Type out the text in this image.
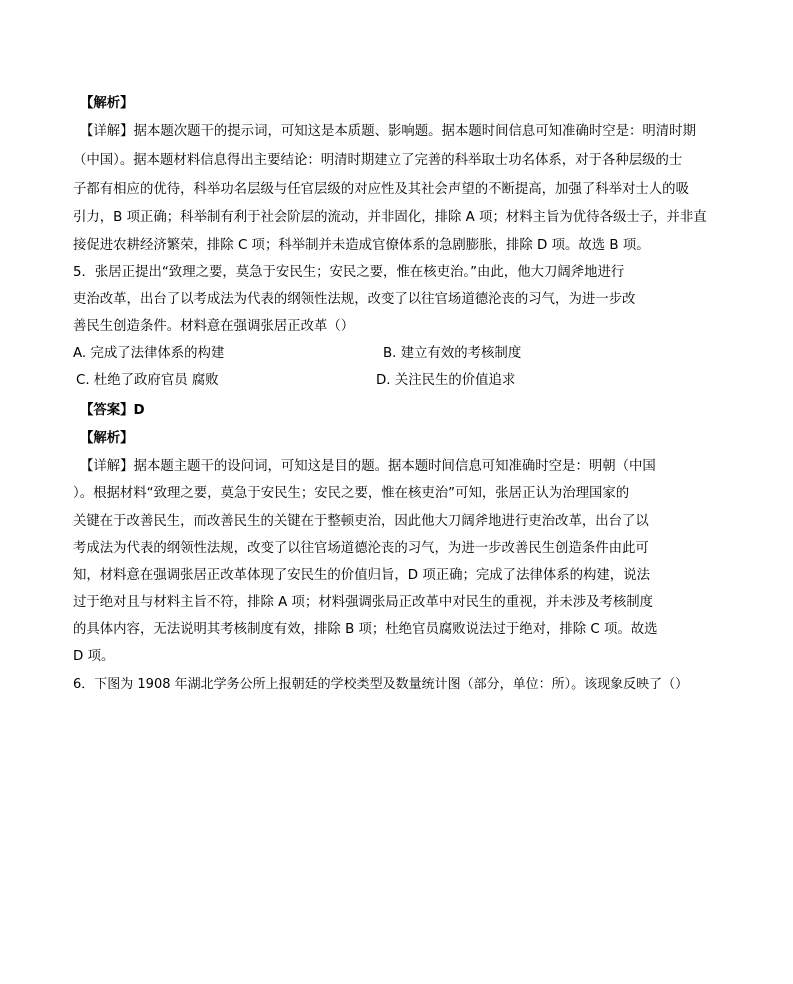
【解析】
【详解】据本题次题干的提示词，可知这是本质题、影响题。据本题时间信息可知准确时空是：明清时期
（中国）。据本题材料信息得出主要结论：明清时期建立了完善的科举取士功名体系，对于各种层级的士
子都有相应的优待，科举功名层级与任官层级的对应性及其社会声望的不断提高，加强了科举对士人的吸
引力，B 项正确；科举制有利于社会阶层的流动，并非固化，排除 A 项；材料主旨为优待各级士子，并非直
接促进农耕经济繁荣，排除 C 项；科举制并未造成官僚体系的急剧膨胀，排除 D 项。故选 B 项。
5．张居正提出“致理之要，莫急于安民生；安民之要，惟在核吏治。”由此，他大刀阔斧地进行
吏治改革，出台了以考成法为代表的纲领性法规，改变了以往官场道德沦丧的习气，为进一步改
善民生创造条件。材料意在强调张居正改革（）
A. 完成了法律体系的构建	B. 建立有效的考核制度
C. 杜绝了政府官员 腐败	D. 关注民生的价值追求
【答案】D
【解析】
【详解】据本题主题干的设问词，可知这是目的题。据本题时间信息可知准确时空是：明朝（中国
）。根据材料“致理之要，莫急于安民生；安民之要，惟在核吏治”可知，张居正认为治理国家的
关键在于改善民生，而改善民生的关键在于整顿吏治，因此他大刀阔斧地进行吏治改革，出台了以
考成法为代表的纲领性法规，改变了以往官场道德沦丧的习气，为进一步改善民生创造条件由此可
知，材料意在强调张居正改革体现了安民生的价值归旨，D 项正确；完成了法律体系的构建，说法
过于绝对且与材料主旨不符，排除 A 项；材料强调张局正改革中对民生的重视，并未涉及考核制度
的具体内容，无法说明其考核制度有效，排除 B 项；杜绝官员腐败说法过于绝对，排除 C 项。故选
D 项。
6．下图为 1908 年湖北学务公所上报朝廷的学校类型及数量统计图（部分，单位：所）。该现象反映了（）
